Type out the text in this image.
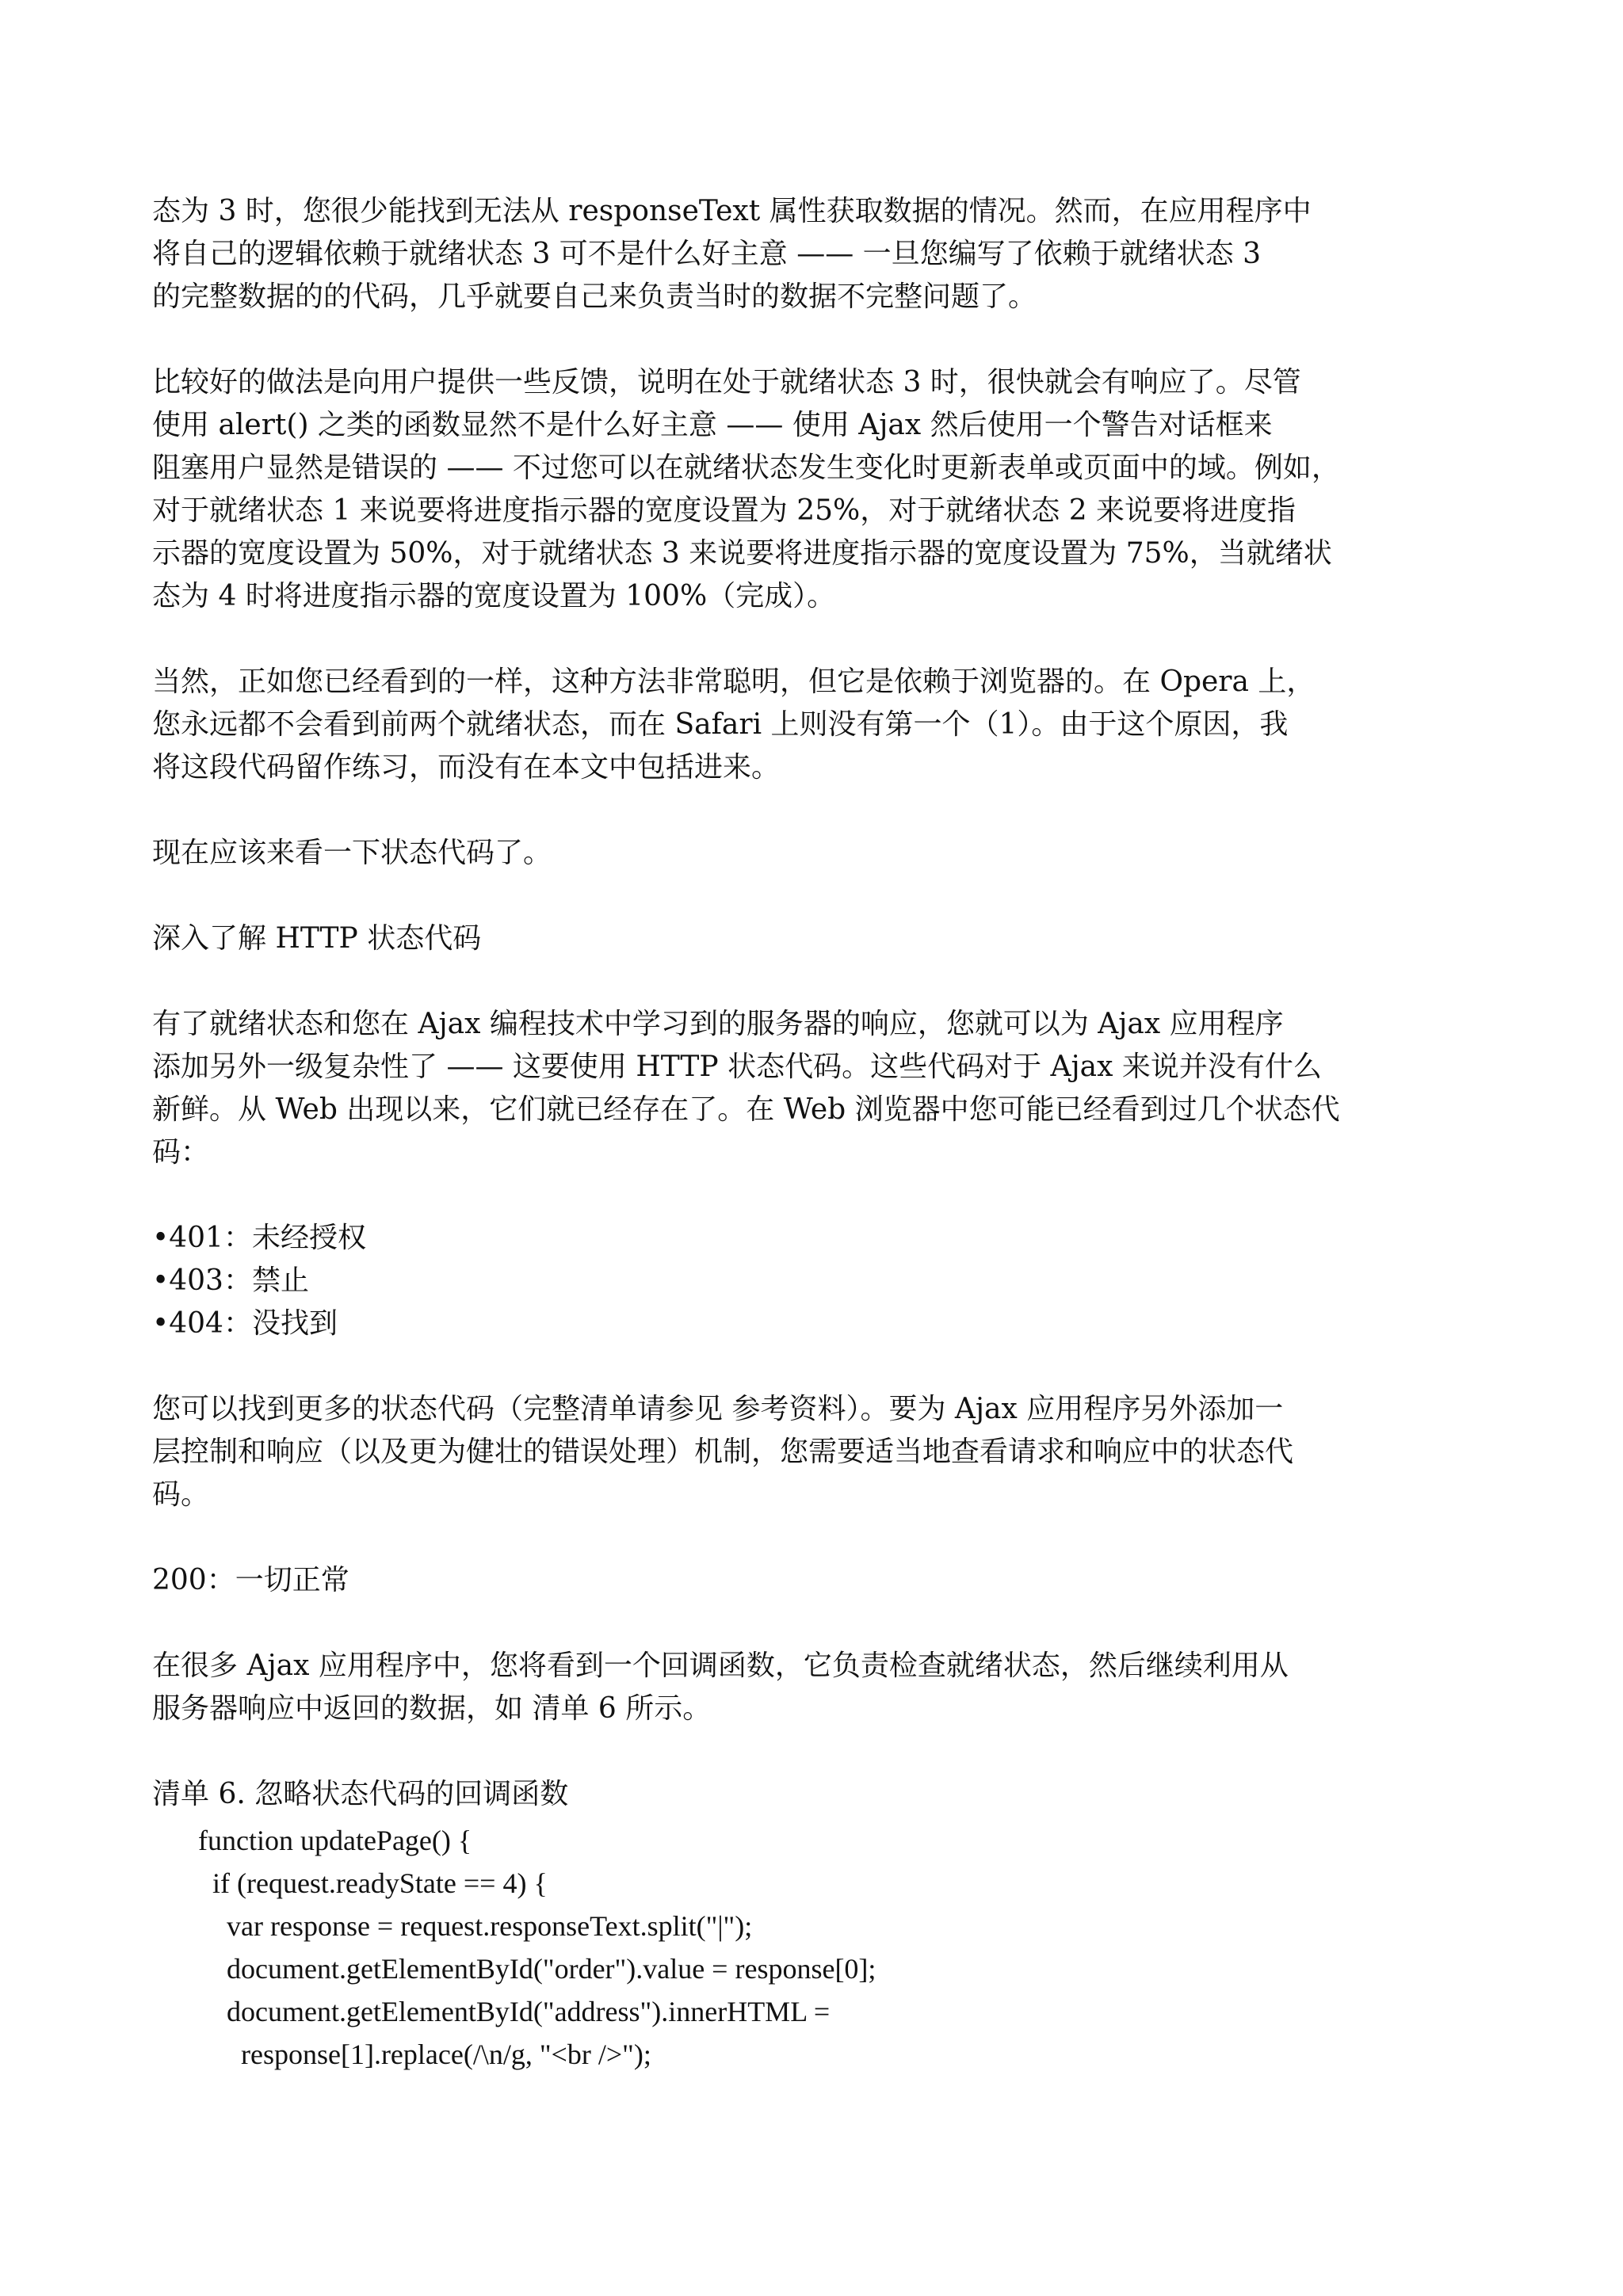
态为 3 时，您很少能找到无法从 responseText 属性获取数据的情况。然而，在应用程序中
将自己的逻辑依赖于就绪状态 3 可不是什么好主意 —— 一旦您编写了依赖于就绪状态 3
的完整数据的的代码，几乎就要自己来负责当时的数据不完整问题了。

比较好的做法是向用户提供一些反馈，说明在处于就绪状态 3 时，很快就会有响应了。尽管
使用 alert() 之类的函数显然不是什么好主意 —— 使用 Ajax 然后使用一个警告对话框来
阻塞用户显然是错误的 —— 不过您可以在就绪状态发生变化时更新表单或页面中的域。例如，
对于就绪状态 1 来说要将进度指示器的宽度设置为 25%，对于就绪状态 2 来说要将进度指
示器的宽度设置为 50%，对于就绪状态 3 来说要将进度指示器的宽度设置为 75%，当就绪状
态为 4 时将进度指示器的宽度设置为 100%（完成）。

当然，正如您已经看到的一样，这种方法非常聪明，但它是依赖于浏览器的。在 Opera 上，
您永远都不会看到前两个就绪状态，而在 Safari 上则没有第一个（1）。由于这个原因，我
将这段代码留作练习，而没有在本文中包括进来。

现在应该来看一下状态代码了。

深入了解 HTTP 状态代码

有了就绪状态和您在 Ajax 编程技术中学习到的服务器的响应，您就可以为 Ajax 应用程序
添加另外一级复杂性了 —— 这要使用 HTTP 状态代码。这些代码对于 Ajax 来说并没有什么
新鲜。从 Web 出现以来，它们就已经存在了。在 Web 浏览器中您可能已经看到过几个状态代
码：

•401：未经授权
•403：禁止
•404：没找到

您可以找到更多的状态代码（完整清单请参见 参考资料）。要为 Ajax 应用程序另外添加一
层控制和响应（以及更为健壮的错误处理）机制，您需要适当地查看请求和响应中的状态代
码。

200：一切正常

在很多 Ajax 应用程序中，您将看到一个回调函数，它负责检查就绪状态，然后继续利用从
服务器响应中返回的数据，如 清单 6 所示。

清单 6. 忽略状态代码的回调函数

function updatePage() {
if (request.readyState == 4) {
var response = request.responseText.split("|");
document.getElementById("order").value = response[0];
document.getElementById("address").innerHTML =
response[1].replace(/\n/g, "<br />");
